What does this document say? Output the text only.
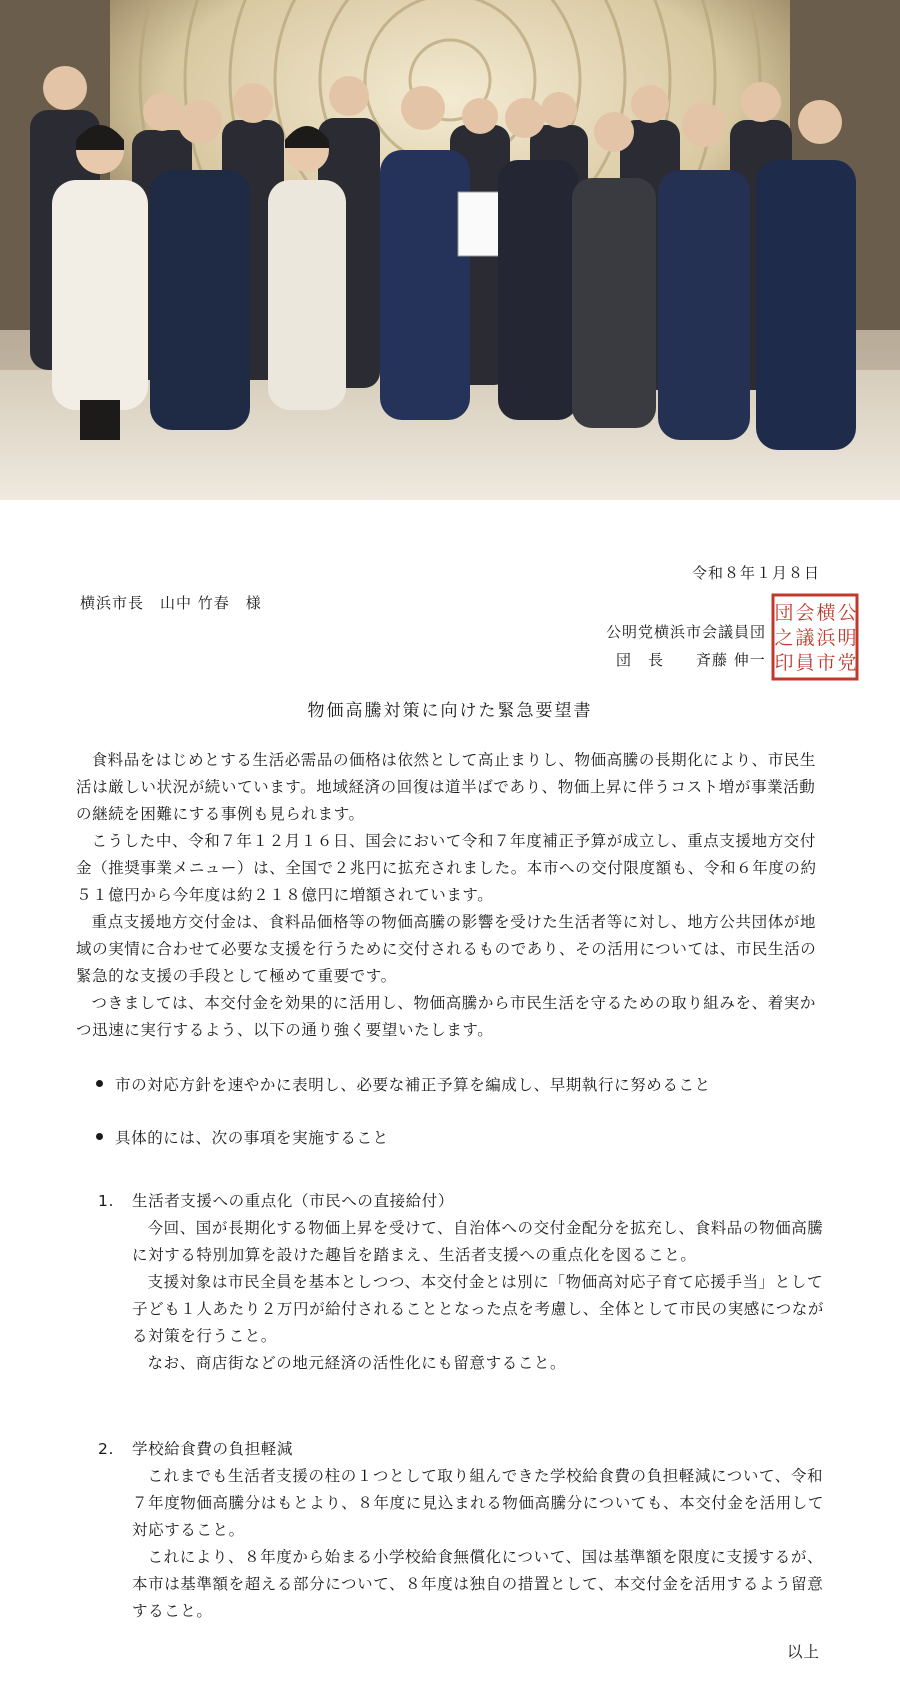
令和８年１月８日
横浜市長　山中 竹春　様
公明党横浜市会議員団
団　長　　斉藤 伸一
公
明
党
横
浜
市
会
議
員
団
之
印
物価高騰対策に向けた緊急要望書

食料品をはじめとする生活必需品の価格は依然として高止まりし、物価高騰の長期化により、市民生活は厳しい状況が続いています。地域経済の回復は道半ばであり、物価上昇に伴うコスト増が事業活動の継続を困難にする事例も見られます。

こうした中、令和７年１２月１６日、国会において令和７年度補正予算が成立し、重点支援地方交付金（推奨事業メニュー）は、全国で２兆円に拡充されました。本市への交付限度額も、令和６年度の約５１億円から今年度は約２１８億円に増額されています。

重点支援地方交付金は、食料品価格等の物価高騰の影響を受けた生活者等に対し、地方公共団体が地域の実情に合わせて必要な支援を行うために交付されるものであり、その活用については、市民生活の緊急的な支援の手段として極めて重要です。

つきましては、本交付金を効果的に活用し、物価高騰から市民生活を守るための取り組みを、着実かつ迅速に実行するよう、以下の通り強く要望いたします。

市の対応方針を速やかに表明し、必要な補正予算を編成し、早期執行に努めること
具体的には、次の事項を実施すること
1.	生活者支援への重点化（市民への直接給付）

今回、国が長期化する物価上昇を受けて、自治体への交付金配分を拡充し、食料品の物価高騰に対する特別加算を設けた趣旨を踏まえ、生活者支援への重点化を図ること。

支援対象は市民全員を基本としつつ、本交付金とは別に「物価高対応子育て応援手当」として子ども１人あたり２万円が給付されることとなった点を考慮し、全体として市民の実感につながる対策を行うこと。

なお、商店街などの地元経済の活性化にも留意すること。

2.	学校給食費の負担軽減

これまでも生活者支援の柱の１つとして取り組んできた学校給食費の負担軽減について、令和７年度物価高騰分はもとより、８年度に見込まれる物価高騰分についても、本交付金を活用して対応すること。

これにより、８年度から始まる小学校給食無償化について、国は基準額を限度に支援するが、本市は基準額を超える部分について、８年度は独自の措置として、本交付金を活用するよう留意すること。

以上
